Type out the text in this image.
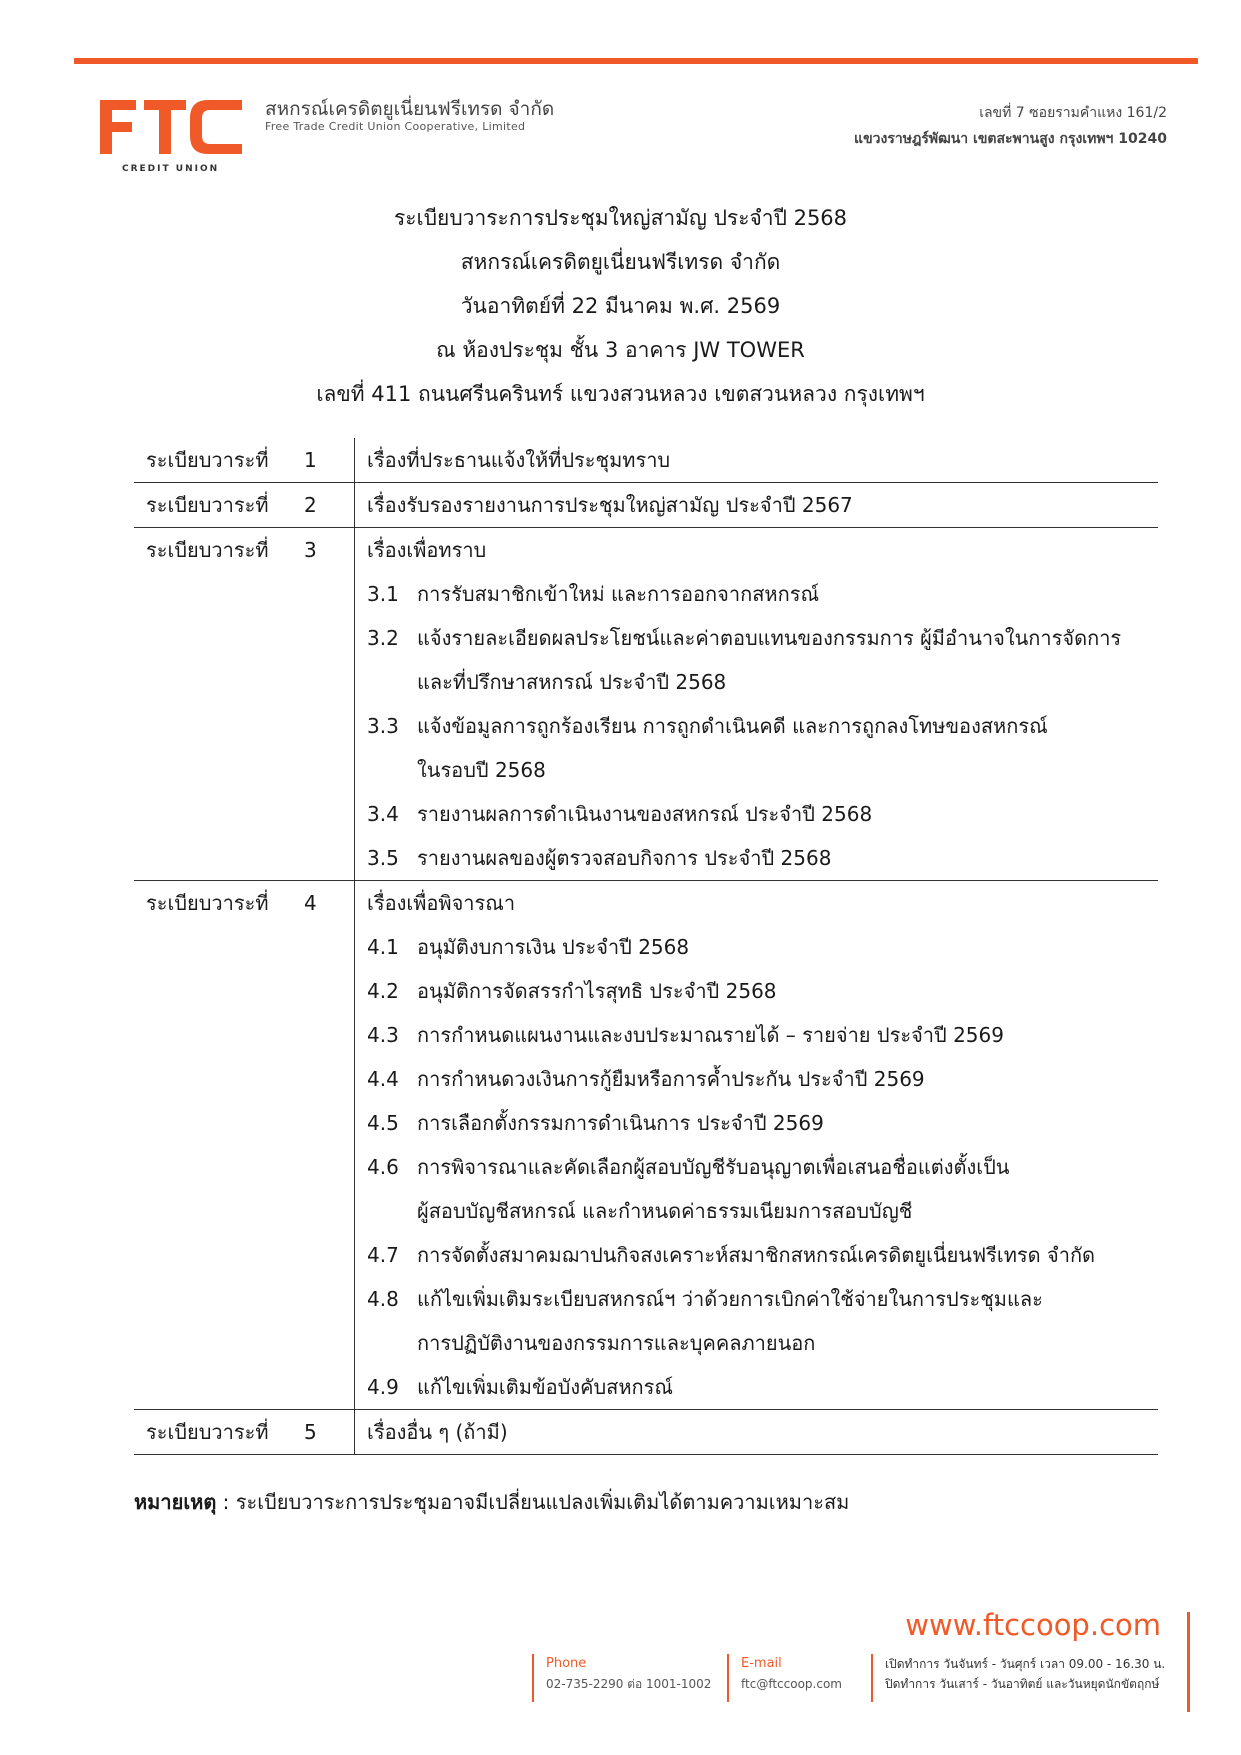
CREDIT UNION
สหกรณ์เครดิตยูเนี่ยนฟรีเทรด จำกัด
Free Trade Credit Union Cooperative, Limited
เลขที่ 7 ซอยรามคำแหง 161/2
แขวงราษฎร์พัฒนา เขตสะพานสูง กรุงเทพฯ 10240
ระเบียบวาระการประชุมใหญ่สามัญ ประจำปี 2568
สหกรณ์เครดิตยูเนี่ยนฟรีเทรด จำกัด
วันอาทิตย์ที่ 22 มีนาคม พ.ศ. 2569
ณ ห้องประชุม ชั้น 3 อาคาร JW TOWER
เลขที่ 411 ถนนศรีนครินทร์ แขวงสวนหลวง เขตสวนหลวง กรุงเทพฯ
ระเบียบวาระที่ 1	เรื่องที่ประธานแจ้งให้ที่ประชุมทราบ
ระเบียบวาระที่ 2	เรื่องรับรองรายงานการประชุมใหญ่สามัญ ประจำปี 2567
ระเบียบวาระที่ 3	เรื่องเพื่อทราบ
3.1 การรับสมาชิกเข้าใหม่ และการออกจากสหกรณ์
3.2 แจ้งรายละเอียดผลประโยชน์และค่าตอบแทนของกรรมการ ผู้มีอำนาจในการจัดการ
และที่ปรึกษาสหกรณ์ ประจำปี 2568
3.3 แจ้งข้อมูลการถูกร้องเรียน การถูกดำเนินคดี และการถูกลงโทษของสหกรณ์
ในรอบปี 2568
3.4 รายงานผลการดำเนินงานของสหกรณ์ ประจำปี 2568
3.5 รายงานผลของผู้ตรวจสอบกิจการ ประจำปี 2568
ระเบียบวาระที่ 4	เรื่องเพื่อพิจารณา
4.1 อนุมัติงบการเงิน ประจำปี 2568
4.2 อนุมัติการจัดสรรกำไรสุทธิ ประจำปี 2568
4.3 การกำหนดแผนงานและงบประมาณรายได้ – รายจ่าย ประจำปี 2569
4.4 การกำหนดวงเงินการกู้ยืมหรือการค้ำประกัน ประจำปี 2569
4.5 การเลือกตั้งกรรมการดำเนินการ ประจำปี 2569
4.6 การพิจารณาและคัดเลือกผู้สอบบัญชีรับอนุญาตเพื่อเสนอชื่อแต่งตั้งเป็น
ผู้สอบบัญชีสหกรณ์ และกำหนดค่าธรรมเนียมการสอบบัญชี
4.7 การจัดตั้งสมาคมฌาปนกิจสงเคราะห์สมาชิกสหกรณ์เครดิตยูเนี่ยนฟรีเทรด จำกัด
4.8 แก้ไขเพิ่มเติมระเบียบสหกรณ์ฯ ว่าด้วยการเบิกค่าใช้จ่ายในการประชุมและ
การปฏิบัติงานของกรรมการและบุคคลภายนอก
4.9 แก้ไขเพิ่มเติมข้อบังคับสหกรณ์
ระเบียบวาระที่ 5	เรื่องอื่น ๆ (ถ้ามี)
หมายเหตุ : ระเบียบวาระการประชุมอาจมีเปลี่ยนแปลงเพิ่มเติมได้ตามความเหมาะสม
www.ftccoop.com
Phone
02-735-2290 ต่อ 1001-1002
E-mail
ftc@ftccoop.com
เปิดทำการ วันจันทร์ - วันศุกร์ เวลา 09.00 - 16.30 น.
ปิดทำการ วันเสาร์ - วันอาทิตย์ และวันหยุดนักขัตฤกษ์
